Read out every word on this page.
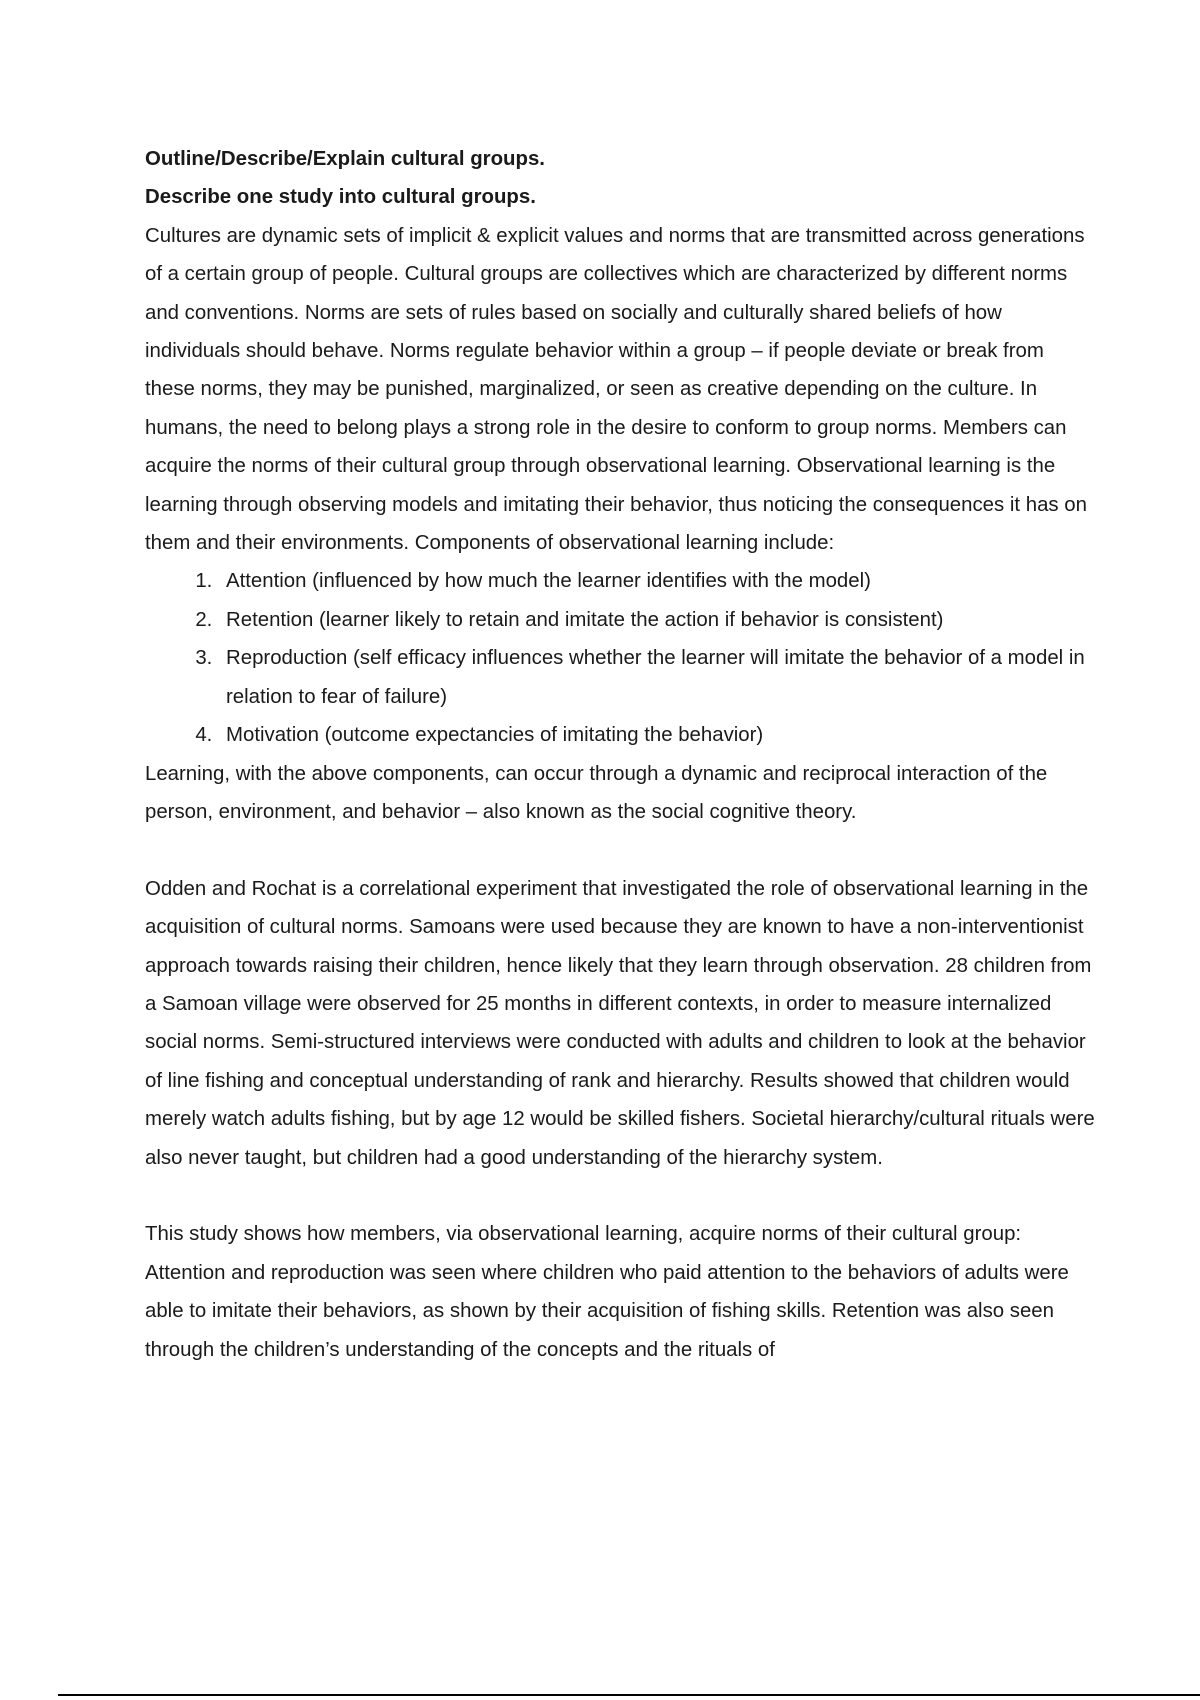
Outline/Describe/Explain cultural groups.

Describe one study into cultural groups.

Cultures are dynamic sets of implicit & explicit values and norms that are transmitted across generations of a certain group of people. Cultural groups are collectives which are characterized by different norms and conventions. Norms are sets of rules based on socially and culturally shared beliefs of how individuals should behave. Norms regulate behavior within a group – if people deviate or break from these norms, they may be punished, marginalized, or seen as creative depending on the culture. In humans, the need to belong plays a strong role in the desire to conform to group norms. Members can acquire the norms of their cultural group through observational learning. Observational learning is the learning through observing models and imitating their behavior, thus noticing the consequences it has on them and their environments. Components of observational learning include:

1. Attention (influenced by how much the learner identifies with the model)
2. Retention (learner likely to retain and imitate the action if behavior is consistent)
3. Reproduction (self efficacy influences whether the learner will imitate the behavior of a model in relation to fear of failure)
4. Motivation (outcome expectancies of imitating the behavior)

Learning, with the above components, can occur through a dynamic and reciprocal interaction of the person, environment, and behavior – also known as the social cognitive theory.

Odden and Rochat is a correlational experiment that investigated the role of observational learning in the acquisition of cultural norms. Samoans were used because they are known to have a non-interventionist approach towards raising their children, hence likely that they learn through observation. 28 children from a Samoan village were observed for 25 months in different contexts, in order to measure internalized social norms. Semi-structured interviews were conducted with adults and children to look at the behavior of line fishing and conceptual understanding of rank and hierarchy. Results showed that children would merely watch adults fishing, but by age 12 would be skilled fishers. Societal hierarchy/cultural rituals were also never taught, but children had a good understanding of the hierarchy system.

This study shows how members, via observational learning, acquire norms of their cultural group: Attention and reproduction was seen where children who paid attention to the behaviors of adults were able to imitate their behaviors, as shown by their acquisition of fishing skills. Retention was also seen through the children’s understanding of the concepts and the rituals of
